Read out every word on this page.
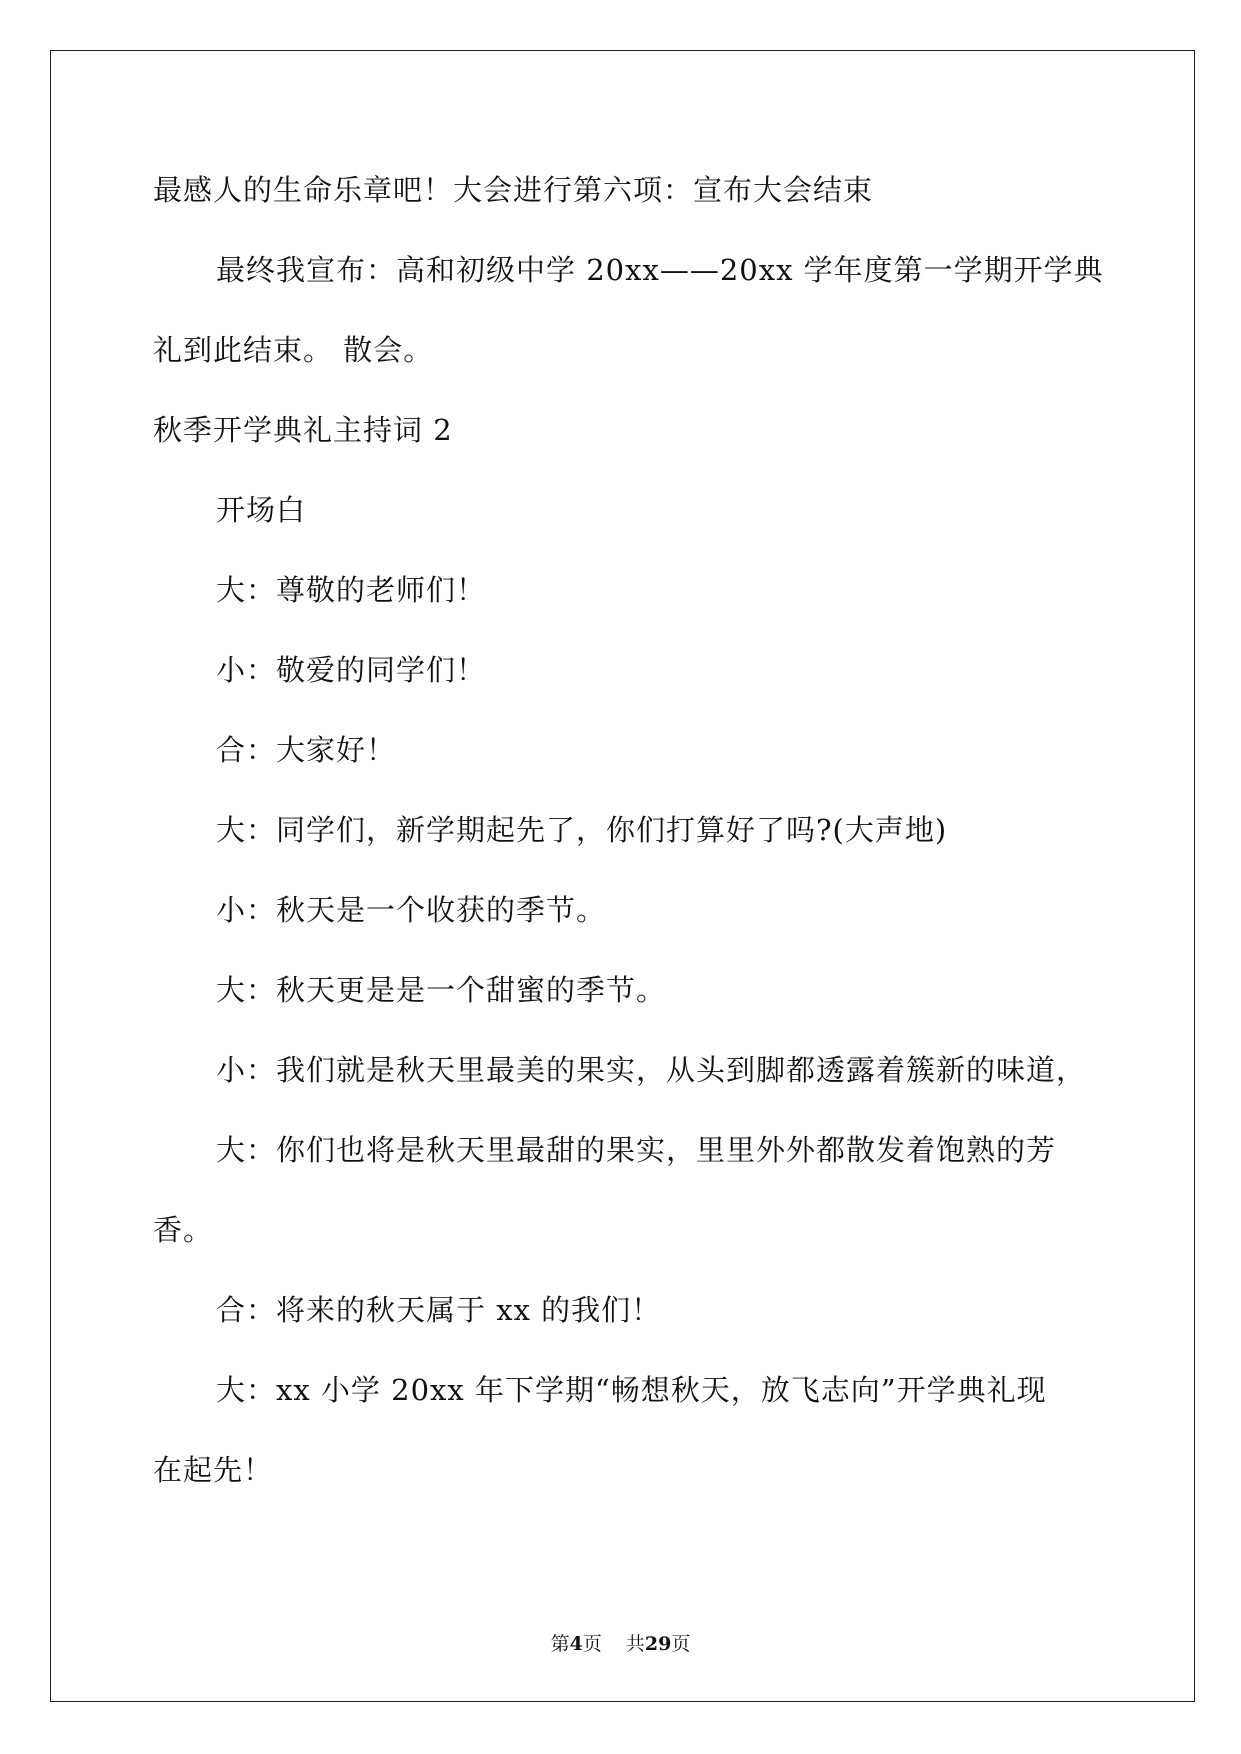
最感人的生命乐章吧！大会进行第六项：宣布大会结束
最终我宣布：高和初级中学 20xx——20xx 学年度第一学期开学典
礼到此结束。 散会。
秋季开学典礼主持词 2
开场白
大：尊敬的老师们！
小：敬爱的同学们！
合：大家好！
大：同学们，新学期起先了，你们打算好了吗?(大声地)
小：秋天是一个收获的季节。
大：秋天更是是一个甜蜜的季节。
小：我们就是秋天里最美的果实，从头到脚都透露着簇新的味道，
大：你们也将是秋天里最甜的果实，里里外外都散发着饱熟的芳
香。
合：将来的秋天属于 xx 的我们！
大：xx 小学 20xx 年下学期“畅想秋天，放飞志向”开学典礼现
在起先！
第4页 共29页
